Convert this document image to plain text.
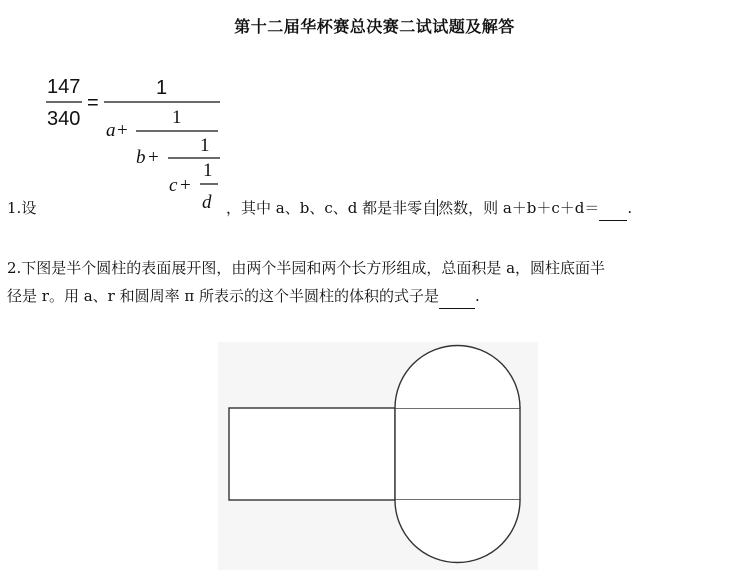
第十二届华杯赛总决赛二试试题及解答
147
340
=
1
a +
1
b +
1
c +
1
d
1.设	，其中 a、b、c、d 都是非零自然数，则 a＋b＋c＋d＝ .
2.下图是半个圆柱的表面展开图，由两个半园和两个长方形组成，总面积是 a，圆柱底面半
径是 r。用 a、r 和圆周率 π 所表示的这个半圆柱的体积的式子是 .
